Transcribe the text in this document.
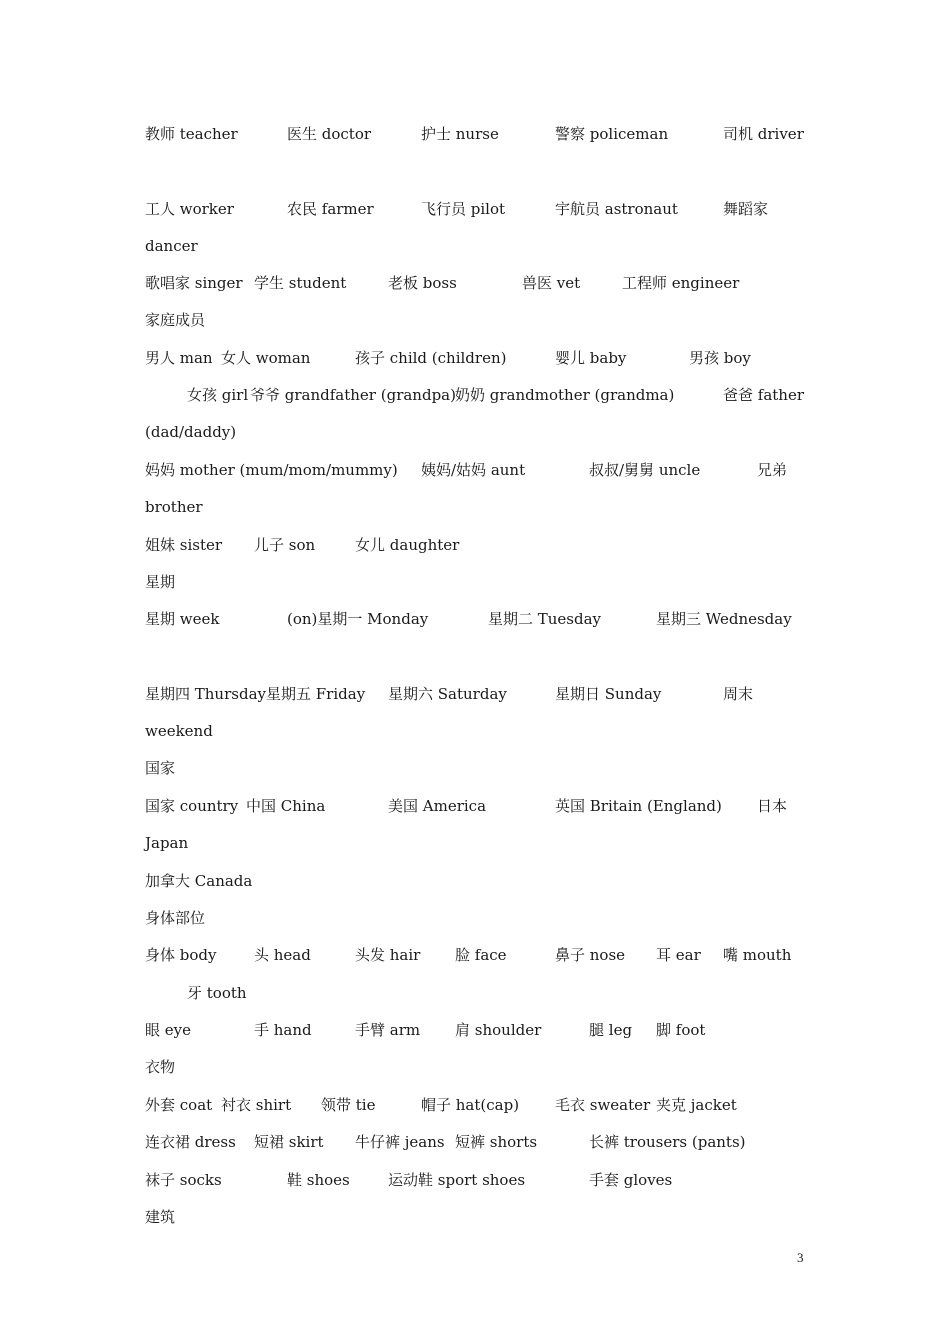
教师 teacher	医生 doctor	护士 nurse	警察 policeman	司机 driver
工人 worker	农民 farmer	飞行员 pilot	宇航员 astronaut	舞蹈家
dancer
歌唱家 singer 学生 student	老板 boss	兽医 vet	工程师 engineer
家庭成员
男人 man 女人 woman	孩子 child (children)	婴儿 baby	男孩 boy
女孩 girl 爷爷 grandfather (grandpa) 奶奶 grandmother (grandma)	爸爸 father
(dad/daddy)
妈妈 mother (mum/mom/mummy) 姨妈/姑妈 aunt	叔叔/舅舅 uncle	兄弟
brother
姐妹 sister 儿子 son	女儿 daughter
星期
星期 week	(on)星期一 Monday	星期二 Tuesday	星期三 Wednesday
星期四 Thursday 星期五 Friday 星期六 Saturday	星期日 Sunday	周末
weekend
国家
国家 country 中国 China	美国 America	英国 Britain (England) 日本
Japan
加拿大 Canada
身体部位
身体 body	头 head	头发 hair 脸 face	鼻子 nose 耳 ear 嘴 mouth
牙 tooth
眼 eye	手 hand	手臂 arm 肩 shoulder	腿 leg 脚 foot
衣物
外套 coat 衬衣 shirt 领带 tie	帽子 hat(cap) 毛衣 sweater 夹克 jacket
连衣裙 dress 短裙 skirt 牛仔裤 jeans 短裤 shorts	长裤 trousers (pants)
袜子 socks	鞋 shoes	运动鞋 sport shoes	手套 gloves
建筑
3
